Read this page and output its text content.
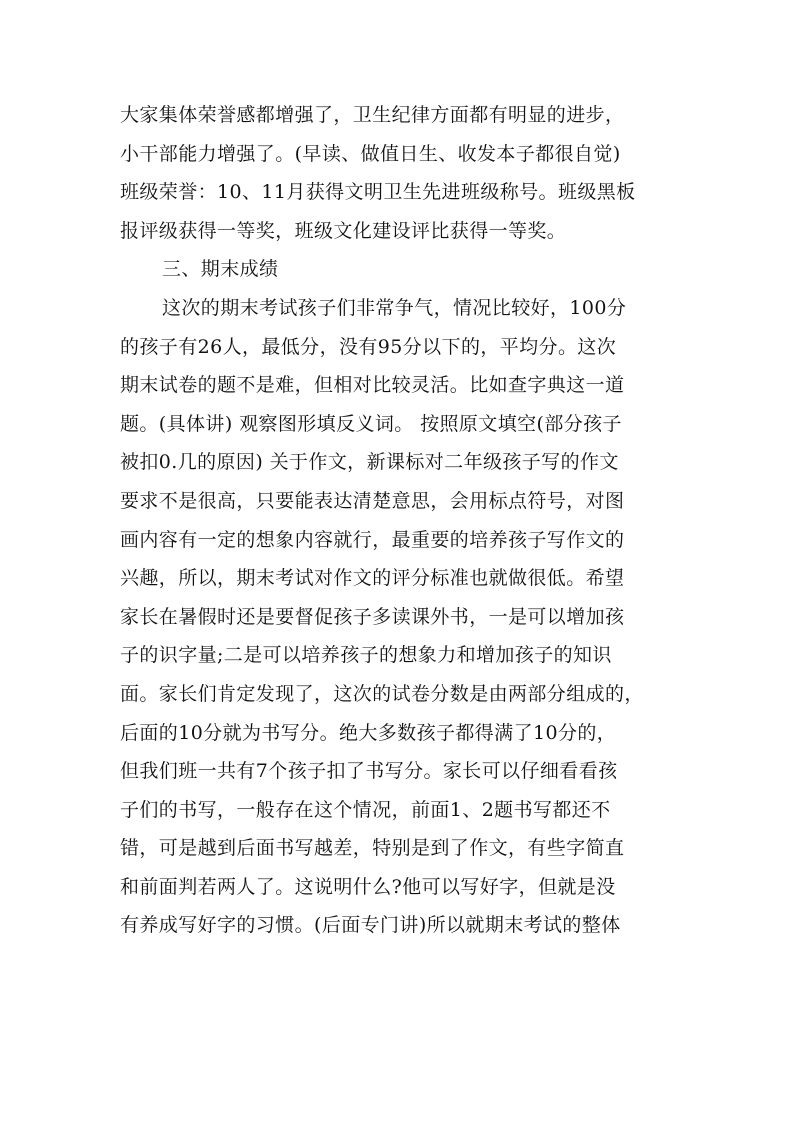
大家集体荣誉感都增强了，卫生纪律方面都有明显的进步，
小干部能力增强了。(早读、做值日生、收发本子都很自觉)
班级荣誉：10、11月获得文明卫生先进班级称号。班级黑板
报评级获得一等奖，班级文化建设评比获得一等奖。
三、期末成绩
这次的期末考试孩子们非常争气，情况比较好，100分
的孩子有26人，最低分，没有95分以下的，平均分。这次
期末试卷的题不是难，但相对比较灵活。比如查字典这一道
题。(具体讲) 观察图形填反义词。 按照原文填空(部分孩子
被扣0.几的原因) 关于作文，新课标对二年级孩子写的作文
要求不是很高，只要能表达清楚意思，会用标点符号，对图
画内容有一定的想象内容就行，最重要的培养孩子写作文的
兴趣，所以，期末考试对作文的评分标准也就做很低。希望
家长在暑假时还是要督促孩子多读课外书，一是可以增加孩
子的识字量;二是可以培养孩子的想象力和增加孩子的知识
面。家长们肯定发现了，这次的试卷分数是由两部分组成的，
后面的10分就为书写分。绝大多数孩子都得满了10分的，
但我们班一共有7个孩子扣了书写分。家长可以仔细看看孩
子们的书写，一般存在这个情况，前面1、2题书写都还不
错，可是越到后面书写越差，特别是到了作文，有些字简直
和前面判若两人了。这说明什么?他可以写好字，但就是没
有养成写好字的习惯。(后面专门讲)所以就期末考试的整体
